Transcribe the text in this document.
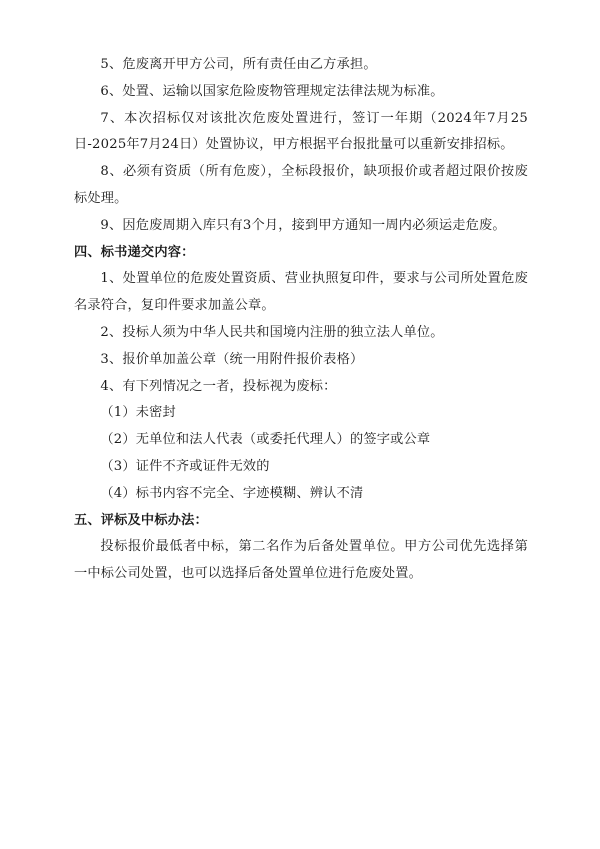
5、危废离开甲方公司，所有责任由乙方承担。

6、处置、运输以国家危险废物管理规定法律法规为标准。

7、本次招标仅对该批次危废处置进行，签订一年期（2024年7月25日-2025年7月24日）处置协议，甲方根据平台报批量可以重新安排招标。

8、必须有资质（所有危废），全标段报价，缺项报价或者超过限价按废标处理。

9、因危废周期入库只有3个月，接到甲方通知一周内必须运走危废。

四、标书递交内容：

1、处置单位的危废处置资质、营业执照复印件，要求与公司所处置危废名录符合，复印件要求加盖公章。

2、投标人须为中华人民共和国境内注册的独立法人单位。

3、报价单加盖公章（统一用附件报价表格）

4、有下列情况之一者，投标视为废标：

（1）未密封

（2）无单位和法人代表（或委托代理人）的签字或公章

（3）证件不齐或证件无效的

（4）标书内容不完全、字迹模糊、辨认不清

五、评标及中标办法：

投标报价最低者中标，第二名作为后备处置单位。甲方公司优先选择第一中标公司处置，也可以选择后备处置单位进行危废处置。
